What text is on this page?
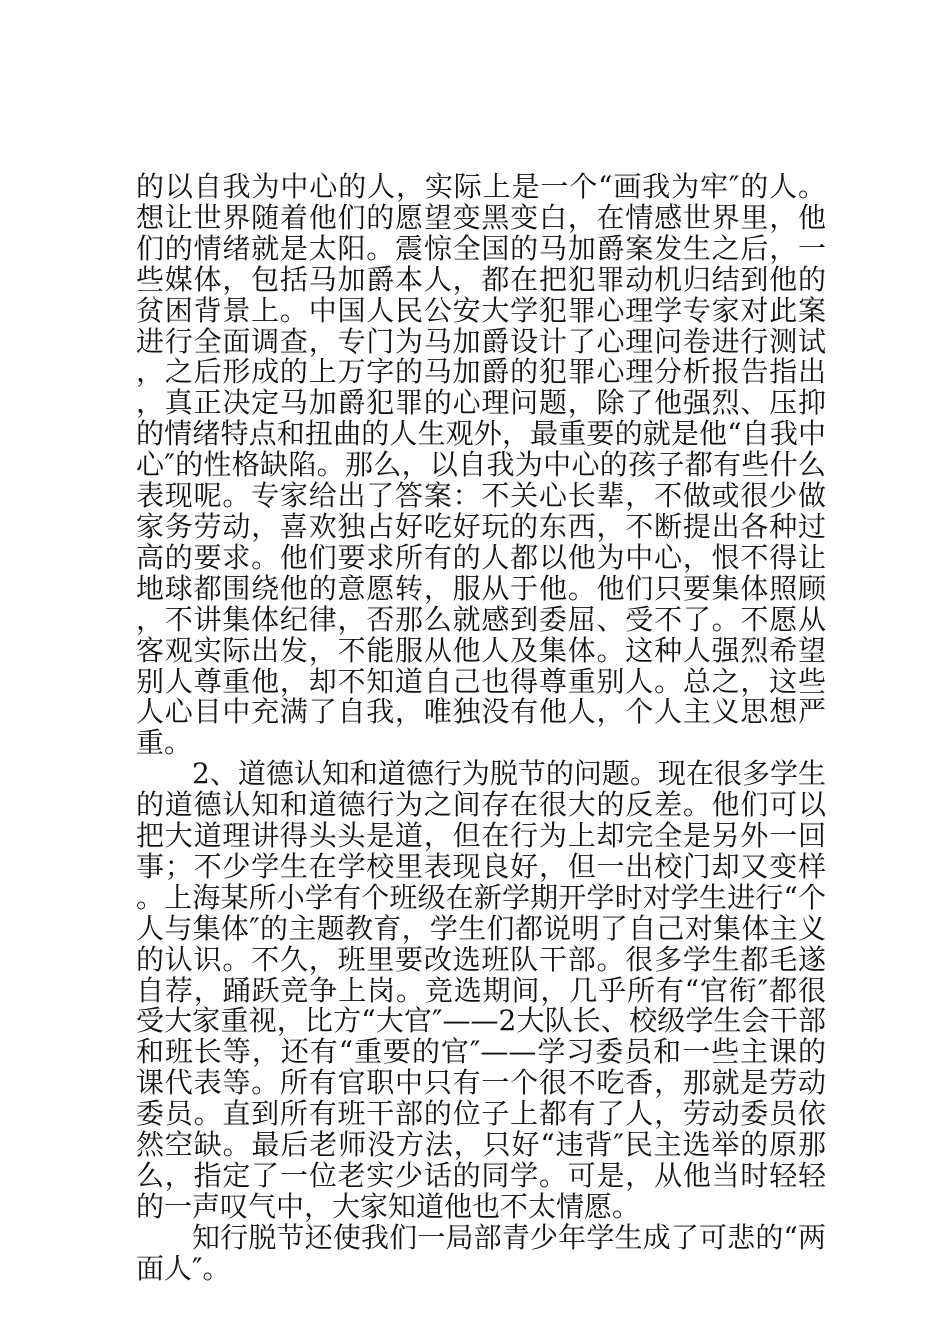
的以自我为中心的人，实际上是一个“画我为牢″的人。想让世界随着他们的愿望变黑变白，在情感世界里，他们的情绪就是太阳。震惊全国的马加爵案发生之后，一些媒体，包括马加爵本人，都在把犯罪动机归结到他的贫困背景上。中国人民公安大学犯罪心理学专家对此案进行全面调查，专门为马加爵设计了心理问卷进行测试，之后形成的上万字的马加爵的犯罪心理分析报告指出，真正决定马加爵犯罪的心理问题，除了他强烈、压抑的情绪特点和扭曲的人生观外，最重要的就是他“自我中心″的性格缺陷。那么，以自我为中心的孩子都有些什么表现呢。专家给出了答案：不关心长辈，不做或很少做家务劳动，喜欢独占好吃好玩的东西，不断提出各种过高的要求。他们要求所有的人都以他为中心，恨不得让地球都围绕他的意愿转，服从于他。他们只要集体照顾，不讲集体纪律，否那么就感到委屈、受不了。不愿从客观实际出发，不能服从他人及集体。这种人强烈希望别人尊重他，却不知道自己也得尊重别人。总之，这些人心目中充满了自我，唯独没有他人，个人主义思想严重。

2、道德认知和道德行为脱节的问题。现在很多学生的道德认知和道德行为之间存在很大的反差。他们可以把大道理讲得头头是道，但在行为上却完全是另外一回事；不少学生在学校里表现良好，但一出校门却又变样。上海某所小学有个班级在新学期开学时对学生进行“个人与集体″的主题教育，学生们都说明了自己对集体主义的认识。不久，班里要改选班队干部。很多学生都毛遂自荐，踊跃竞争上岗。竞选期间，几乎所有“官衔″都很受大家重视，比方“大官″——2大队长、校级学生会干部和班长等，还有“重要的官″——学习委员和一些主课的课代表等。所有官职中只有一个很不吃香，那就是劳动委员。直到所有班干部的位子上都有了人，劳动委员依然空缺。最后老师没方法，只好“违背″民主选举的原那么，指定了一位老实少话的同学。可是，从他当时轻轻的一声叹气中，大家知道他也不太情愿。

知行脱节还使我们一局部青少年学生成了可悲的“两面人″。
